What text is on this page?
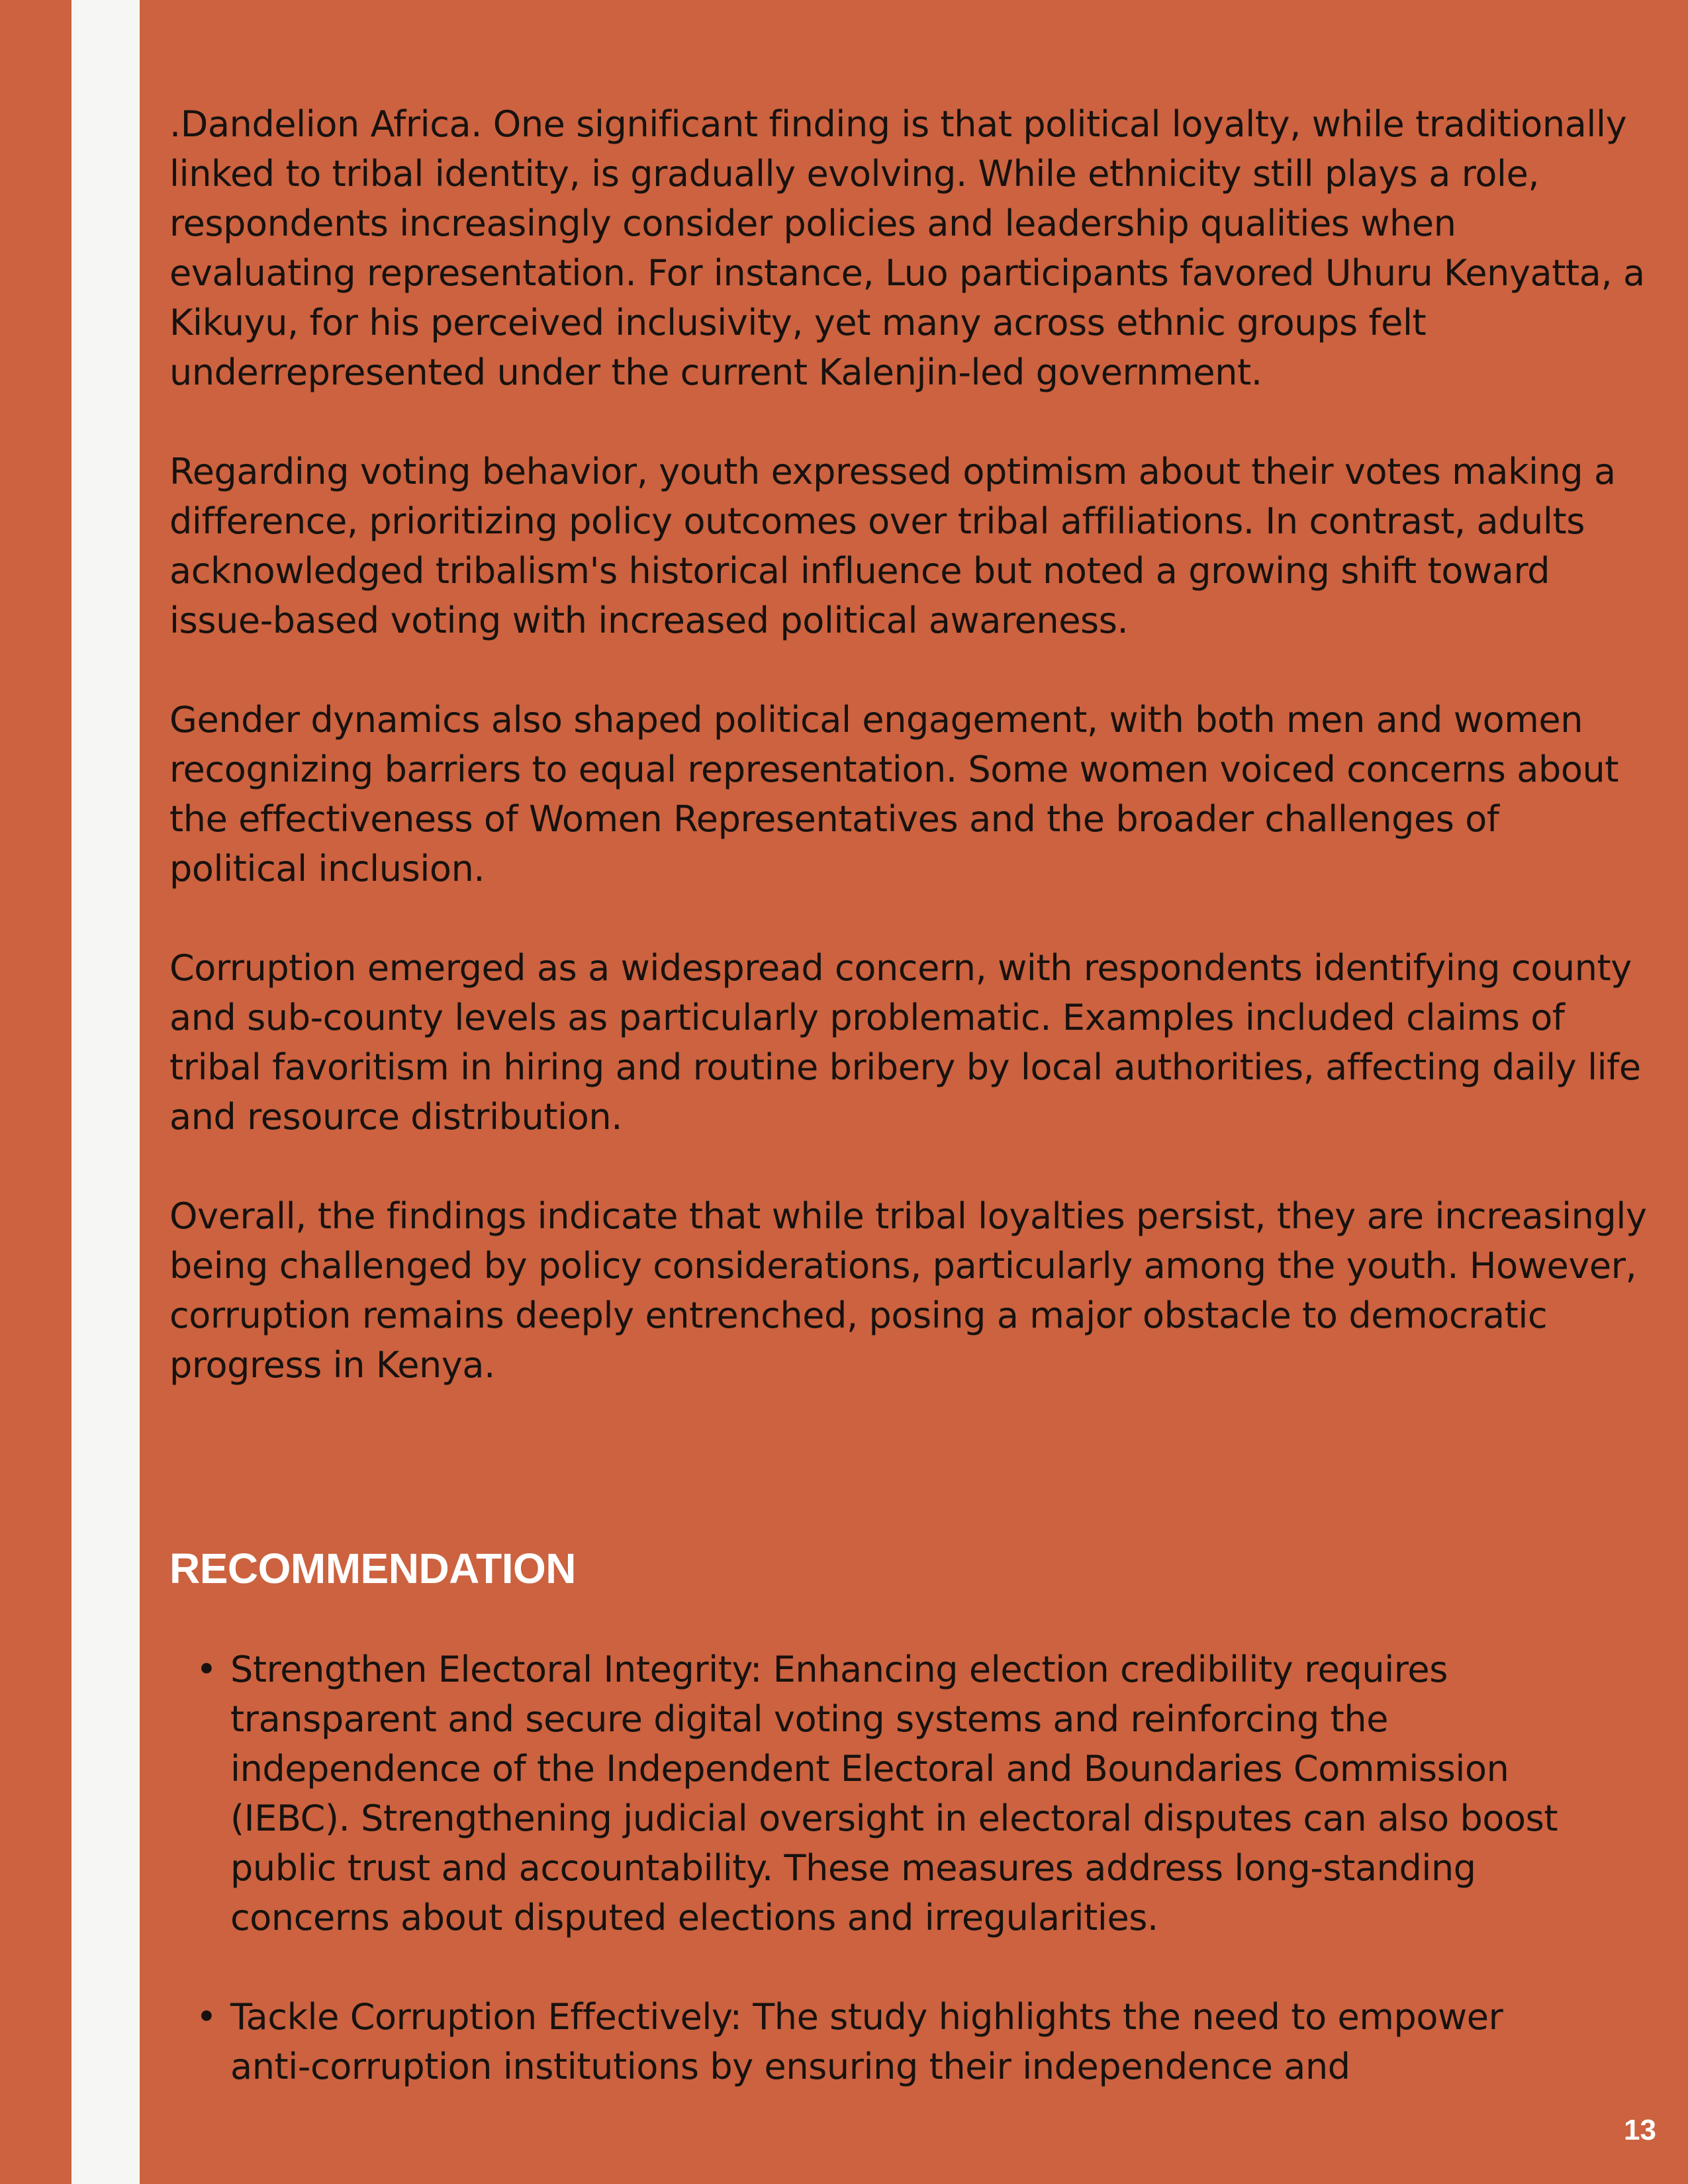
.Dandelion Africa. One significant finding is that political loyalty, while traditionally
linked to tribal identity, is gradually evolving. While ethnicity still plays a role,
respondents increasingly consider policies and leadership qualities when
evaluating representation. For instance, Luo participants favored Uhuru Kenyatta, a
Kikuyu, for his perceived inclusivity, yet many across ethnic groups felt
underrepresented under the current Kalenjin-led government.

Regarding voting behavior, youth expressed optimism about their votes making a
difference, prioritizing policy outcomes over tribal affiliations. In contrast, adults
acknowledged tribalism's historical influence but noted a growing shift toward
issue-based voting with increased political awareness.

Gender dynamics also shaped political engagement, with both men and women
recognizing barriers to equal representation. Some women voiced concerns about
the effectiveness of Women Representatives and the broader challenges of
political inclusion.

Corruption emerged as a widespread concern, with respondents identifying county
and sub-county levels as particularly problematic. Examples included claims of
tribal favoritism in hiring and routine bribery by local authorities, affecting daily life
and resource distribution.

Overall, the findings indicate that while tribal loyalties persist, they are increasingly
being challenged by policy considerations, particularly among the youth. However,
corruption remains deeply entrenched, posing a major obstacle to democratic
progress in Kenya.

RECOMMENDATION
• Strengthen Electoral Integrity: Enhancing election credibility requires
transparent and secure digital voting systems and reinforcing the
independence of the Independent Electoral and Boundaries Commission
(IEBC). Strengthening judicial oversight in electoral disputes can also boost
public trust and accountability. These measures address long-standing
concerns about disputed elections and irregularities.
• Tackle Corruption Effectively: The study highlights the need to empower
anti-corruption institutions by ensuring their independence and
13
